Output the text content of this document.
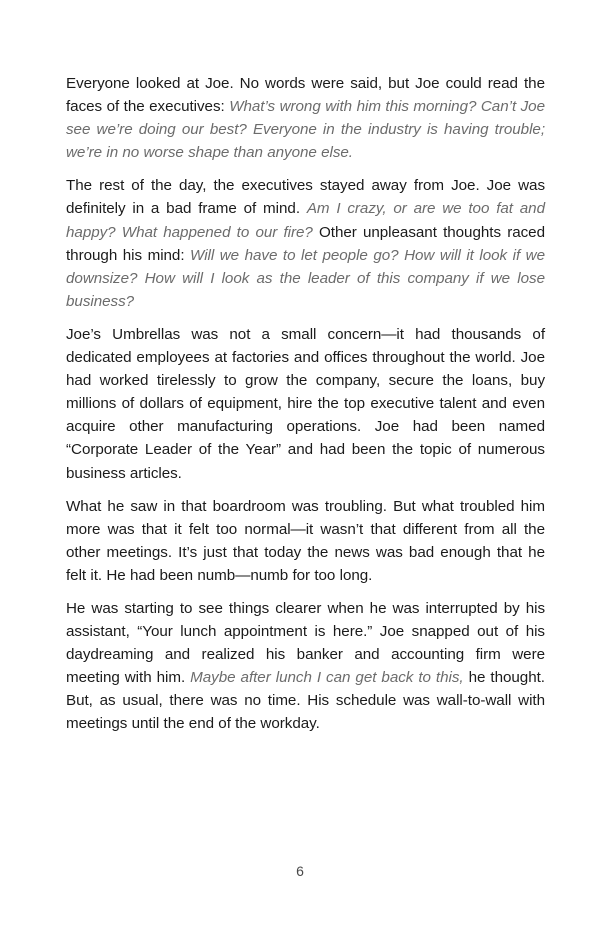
Everyone looked at Joe. No words were said, but Joe could read the faces of the executives: What’s wrong with him this morning? Can’t Joe see we’re doing our best? Everyone in the industry is having trouble; we’re in no worse shape than anyone else.

The rest of the day, the executives stayed away from Joe. Joe was definitely in a bad frame of mind. Am I crazy, or are we too fat and happy? What happened to our fire? Other unpleasant thoughts raced through his mind: Will we have to let people go? How will it look if we downsize? How will I look as the leader of this company if we lose business?

Joe’s Umbrellas was not a small concern—it had thousands of dedicated employees at factories and offices throughout the world. Joe had worked tirelessly to grow the company, secure the loans, buy millions of dollars of equipment, hire the top executive talent and even acquire other manufacturing operations. Joe had been named “Corporate Leader of the Year” and had been the topic of numerous business articles.

What he saw in that boardroom was troubling. But what troubled him more was that it felt too normal—it wasn’t that different from all the other meetings. It’s just that today the news was bad enough that he felt it. He had been numb—numb for too long.

He was starting to see things clearer when he was interrupted by his assistant, “Your lunch appointment is here.” Joe snapped out of his daydreaming and realized his banker and accounting firm were meeting with him. Maybe after lunch I can get back to this, he thought. But, as usual, there was no time. His schedule was wall-to-wall with meetings until the end of the workday.

6
